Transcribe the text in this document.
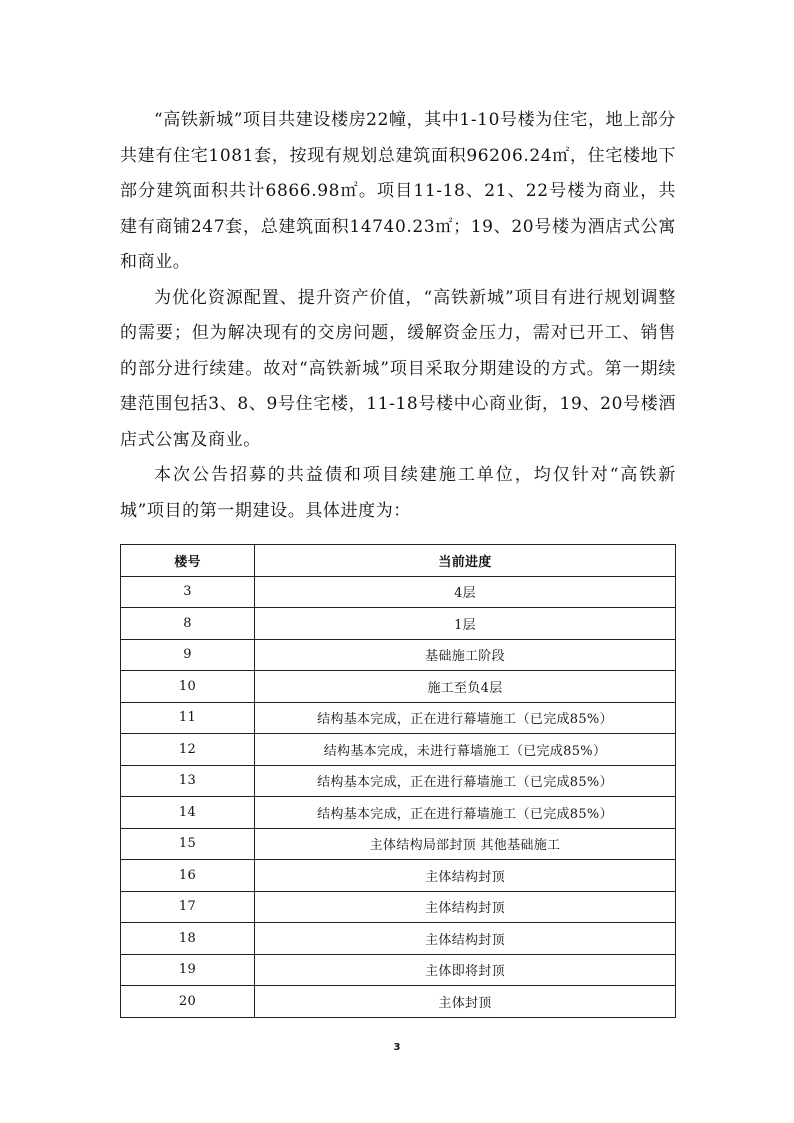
“高铁新城”项目共建设楼房22幢，其中1-10号楼为住宅，地上部分共建有住宅1081套，按现有规划总建筑面积96206.24㎡，住宅楼地下部分建筑面积共计6866.98㎡。项目11-18、21、22号楼为商业，共建有商铺247套，总建筑面积14740.23㎡；19、20号楼为酒店式公寓和商业。

为优化资源配置、提升资产价值，“高铁新城”项目有进行规划调整的需要；但为解决现有的交房问题，缓解资金压力，需对已开工、销售的部分进行续建。故对“高铁新城”项目采取分期建设的方式。第一期续建范围包括3、8、9号住宅楼，11-18号楼中心商业街，19、20号楼酒店式公寓及商业。

本次公告招募的共益债和项目续建施工单位，均仅针对“高铁新城”项目的第一期建设。具体进度为：

楼号	当前进度
3	4层
8	1层
9	基础施工阶段
10	施工至负4层
11	结构基本完成，正在进行幕墙施工（已完成85%）
12	结构基本完成，未进行幕墙施工（已完成85%）
13	结构基本完成，正在进行幕墙施工（已完成85%）
14	结构基本完成，正在进行幕墙施工（已完成85%）
15	主体结构局部封顶 其他基础施工
16	主体结构封顶
17	主体结构封顶
18	主体结构封顶
19	主体即将封顶
20	主体封顶
3
